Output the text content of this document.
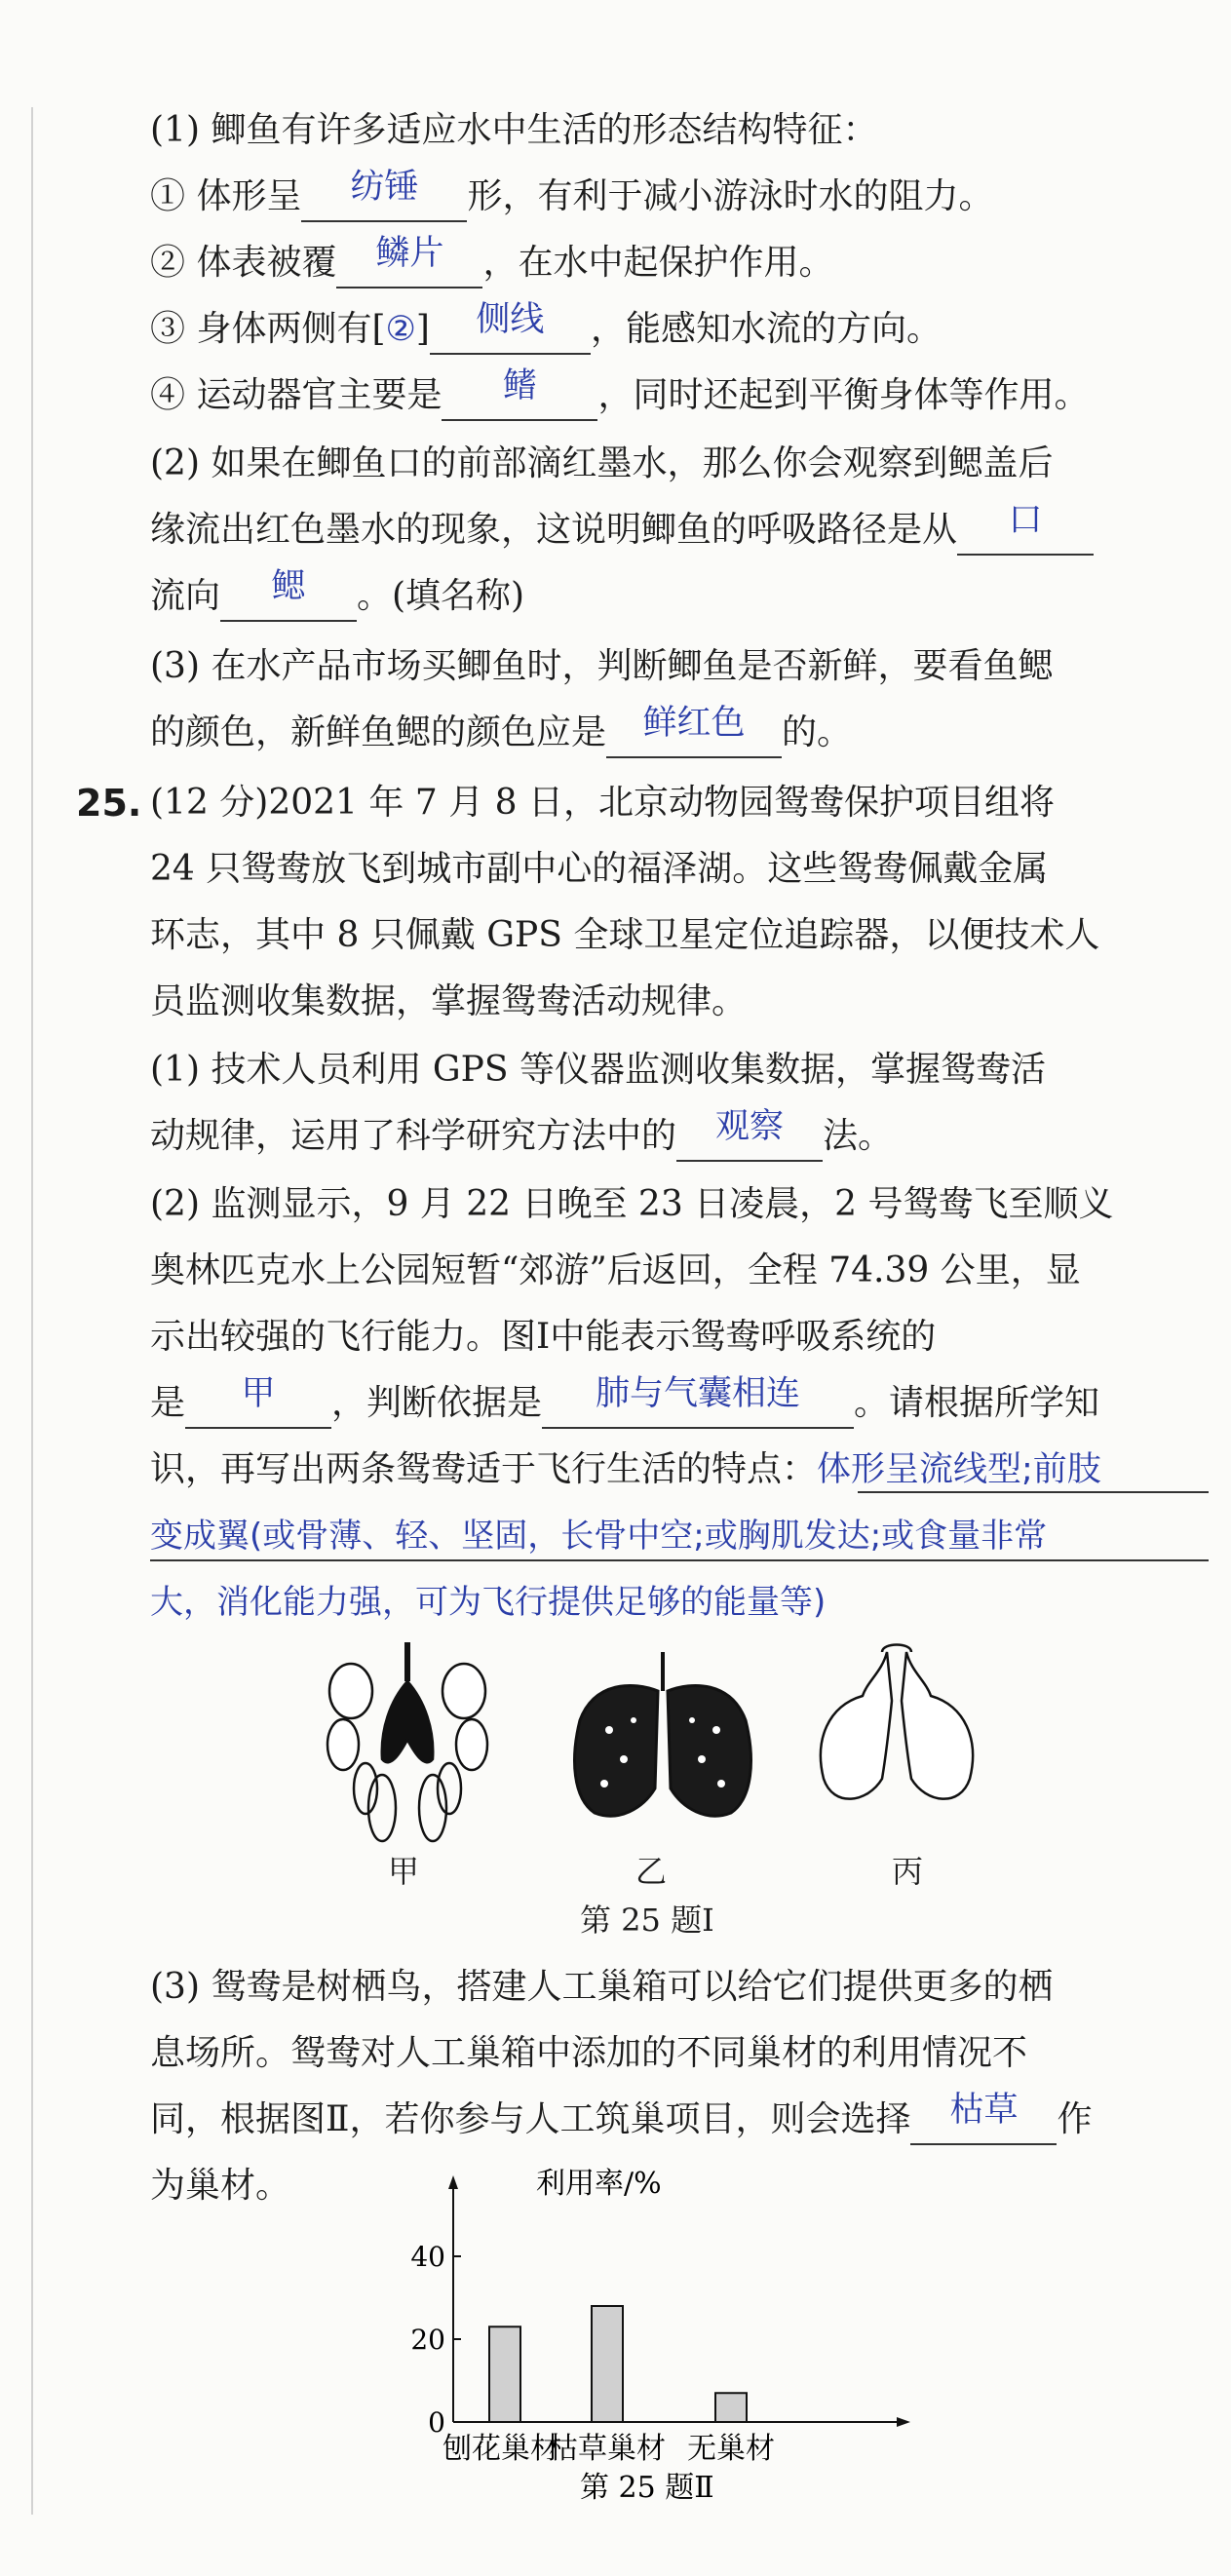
(1) 鲫鱼有许多适应水中生活的形态结构特征：
① 体形呈 纺锤 形，有利于减小游泳时水的阻力。
② 体表被覆 鳞片 ，在水中起保护作用。
③ 身体两侧有[②] 侧线 ，能感知水流的方向。
④ 运动器官主要是 鳍 ，同时还起到平衡身体等作用。
(2) 如果在鲫鱼口的前部滴红墨水，那么你会观察到鳃盖后
缘流出红色墨水的现象，这说明鲫鱼的呼吸路径是从 口
流向 鳃 。(填名称)
(3) 在水产品市场买鲫鱼时，判断鲫鱼是否新鲜，要看鱼鳃
的颜色，新鲜鱼鳃的颜色应是 鲜红色 的。
25. (12 分)2021 年 7 月 8 日，北京动物园鸳鸯保护项目组将
24 只鸳鸯放飞到城市副中心的福泽湖。这些鸳鸯佩戴金属
环志，其中 8 只佩戴 GPS 全球卫星定位追踪器，以便技术人
员监测收集数据，掌握鸳鸯活动规律。
(1) 技术人员利用 GPS 等仪器监测收集数据，掌握鸳鸯活
动规律，运用了科学研究方法中的 观察 法。
(2) 监测显示，9 月 22 日晚至 23 日凌晨，2 号鸳鸯飞至顺义
奥林匹克水上公园短暂“郊游”后返回，全程 74.39 公里，显
示出较强的飞行能力。图Ⅰ中能表示鸳鸯呼吸系统的
是 甲 ，判断依据是 肺与气囊相连 。请根据所学知
识，再写出两条鸳鸯适于飞行生活的特点：体形呈流线型;前肢
变成翼(或骨薄、轻、坚固，长骨中空;或胸肌发达;或食量非常
大，消化能力强，可为飞行提供足够的能量等)
甲	乙	丙
第 25 题Ⅰ
(3) 鸳鸯是树栖鸟，搭建人工巢箱可以给它们提供更多的栖
息场所。鸳鸯对人工巢箱中添加的不同巢材的利用情况不
同，根据图Ⅱ，若你参与人工筑巢项目，则会选择 枯草 作
为巢材。	利用率/%
0
20
40
刨花巢材
枯草巢材 无巢材
第 25 题Ⅱ
